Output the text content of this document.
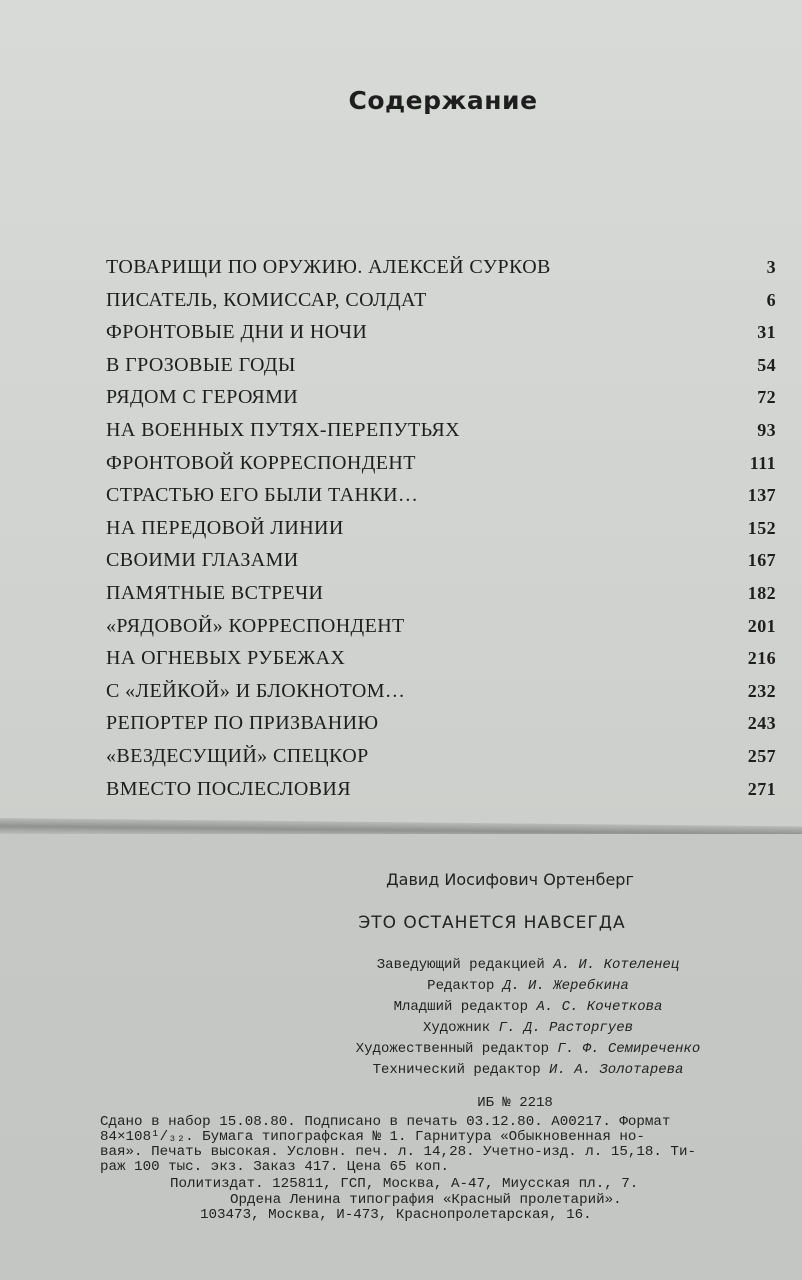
Содержание
ТОВАРИЩИ ПО ОРУЖИЮ. АЛЕКСЕЙ СУРКОВ	3
ПИСАТЕЛЬ, КОМИССАР, СОЛДАТ	6
ФРОНТОВЫЕ ДНИ И НОЧИ	31
В ГРОЗОВЫЕ ГОДЫ	54
РЯДОМ С ГЕРОЯМИ	72
НА ВОЕННЫХ ПУТЯХ-ПЕРЕПУТЬЯХ	93
ФРОНТОВОЙ КОРРЕСПОНДЕНТ	111
СТРАСТЬЮ ЕГО БЫЛИ ТАНКИ…	137
НА ПЕРЕДОВОЙ ЛИНИИ	152
СВОИМИ ГЛАЗАМИ	167
ПАМЯТНЫЕ ВСТРЕЧИ	182
«РЯДОВОЙ» КОРРЕСПОНДЕНТ	201
НА ОГНЕВЫХ РУБЕЖАХ	216
С «ЛЕЙКОЙ» И БЛОКНОТОМ…	232
РЕПОРТЕР ПО ПРИЗВАНИЮ	243
«ВЕЗДЕСУЩИЙ» СПЕЦКОР	257
ВМЕСТО ПОСЛЕСЛОВИЯ	271
Давид Иосифович Ортенберг
ЭТО ОСТАНЕТСЯ НАВСЕГДА
Заведующий редакцией А. И. Котеленец
Редактор Д. И. Жеребкина
Младший редактор А. С. Кочеткова
Художник Г. Д. Расторгуев
Художественный редактор Г. Ф. Семиреченко
Технический редактор И. А. Золотарева
ИБ № 2218
Сдано в набор 15.08.80. Подписано в печать 03.12.80. А00217. Формат
84×108¹/₃₂. Бумага типографская № 1. Гарнитура «Обыкновенная но-
вая». Печать высокая. Условн. печ. л. 14,28. Учетно-изд. л. 15,18. Ти-
раж 100 тыс. экз. Заказ 417. Цена 65 коп.
Политиздат. 125811, ГСП, Москва, А-47, Миусская пл., 7.
Ордена Ленина типография «Красный пролетарий».
103473, Москва, И-473, Краснопролетарская, 16.
